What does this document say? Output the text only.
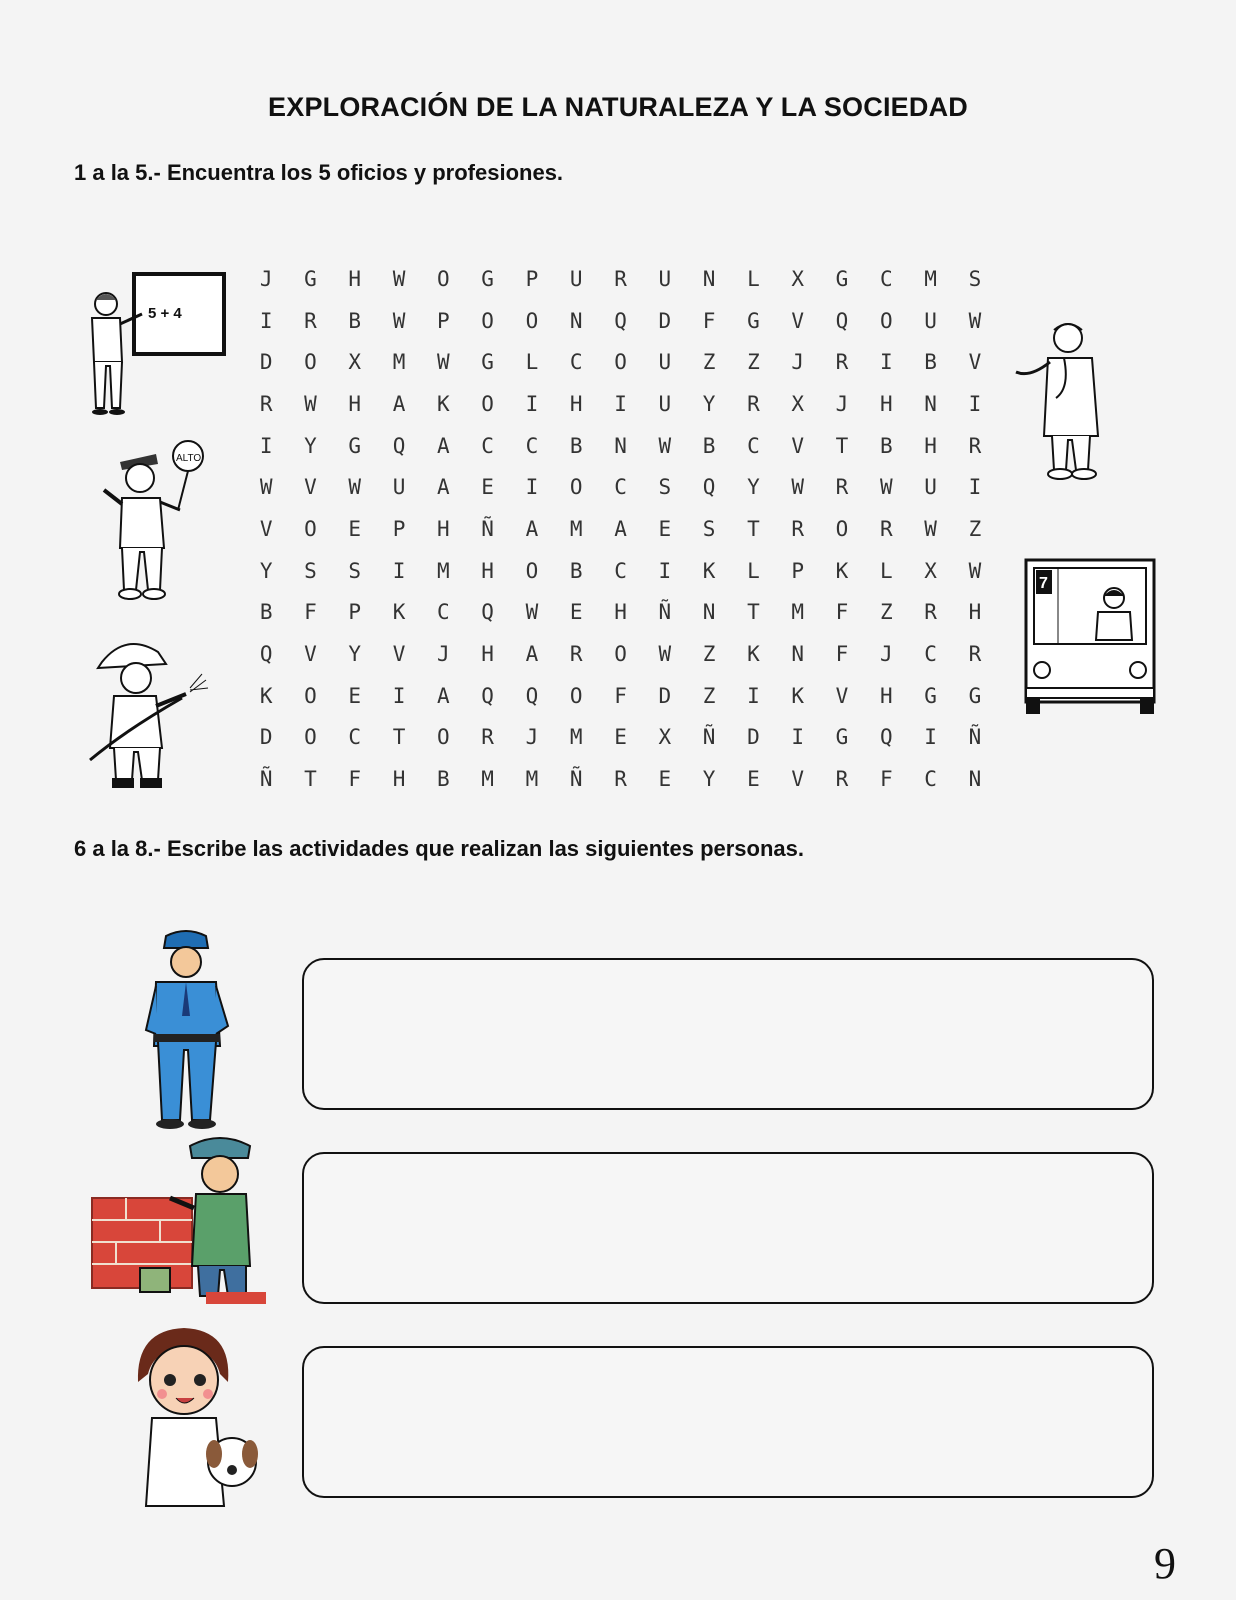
EXPLORACIÓN DE LA NATURALEZA Y LA SOCIEDAD
1 a la 5.- Encuentra los 5 oficios y profesiones.
5 + 4
ALTO
7
J	G	H	W	O	G	P	U	R	U	N	L	X	G	C	M	S
I	R	B	W	P	O	O	N	Q	D	F	G	V	Q	O	U	W
D	O	X	M	W	G	L	C	O	U	Z	Z	J	R	I	B	V
R	W	H	A	K	O	I	H	I	U	Y	R	X	J	H	N	I
I	Y	G	Q	A	C	C	B	N	W	B	C	V	T	B	H	R
W	V	W	U	A	E	I	O	C	S	Q	Y	W	R	W	U	I
V	O	E	P	H	Ñ	A	M	A	E	S	T	R	O	R	W	Z
Y	S	S	I	M	H	O	B	C	I	K	L	P	K	L	X	W
B	F	P	K	C	Q	W	E	H	Ñ	N	T	M	F	Z	R	H
Q	V	Y	V	J	H	A	R	O	W	Z	K	N	F	J	C	R
K	O	E	I	A	Q	Q	O	F	D	Z	I	K	V	H	G	G
D	O	C	T	O	R	J	M	E	X	Ñ	D	I	G	Q	I	Ñ
Ñ	T	F	H	B	M	M	Ñ	R	E	Y	E	V	R	F	C	N
6 a la 8.- Escribe las actividades que realizan las siguientes personas.
9
